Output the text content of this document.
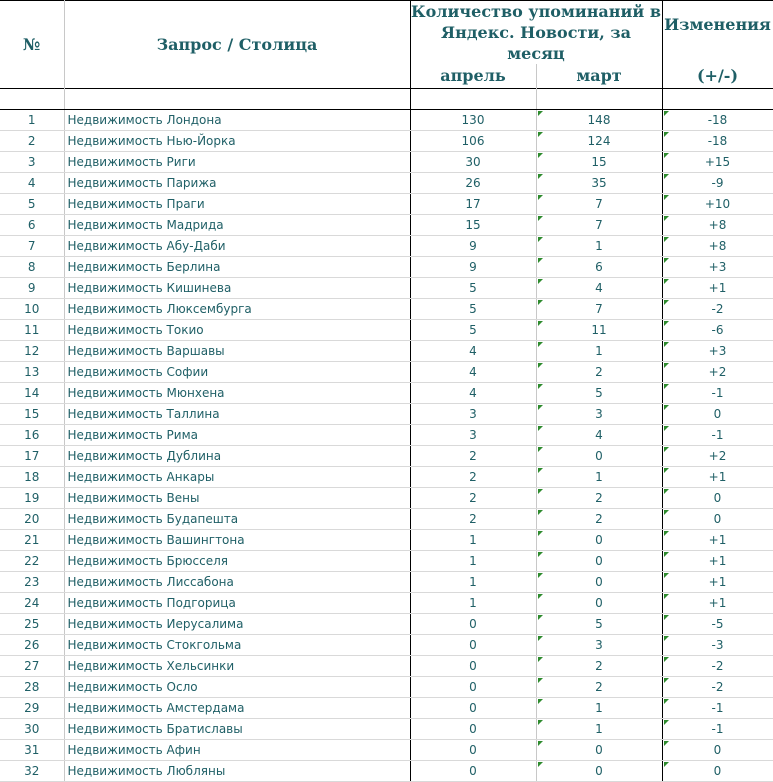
№	Запрос / Столица	Количество упоминаний в Яндекс. Новости, за месяц		Изменения
		апрель	март	(+/-)

1	Недвижимость Лондона	130	148	-18
2	Недвижимость Нью-Йорка	106	124	-18
3	Недвижимость Риги	30	15	+15
4	Недвижимость Парижа	26	35	-9
5	Недвижимость Праги	17	7	+10
6	Недвижимость Мадрида	15	7	+8
7	Недвижимость Абу-Даби	9	1	+8
8	Недвижимость Берлина	9	6	+3
9	Недвижимость Кишинева	5	4	+1
10	Недвижимость Люксембурга	5	7	-2
11	Недвижимость Токио	5	11	-6
12	Недвижимость Варшавы	4	1	+3
13	Недвижимость Софии	4	2	+2
14	Недвижимость Мюнхена	4	5	-1
15	Недвижимость Таллина	3	3	0
16	Недвижимость Рима	3	4	-1
17	Недвижимость Дублина	2	0	+2
18	Недвижимость Анкары	2	1	+1
19	Недвижимость Вены	2	2	0
20	Недвижимость Будапешта	2	2	0
21	Недвижимость Вашингтона	1	0	+1
22	Недвижимость Брюсселя	1	0	+1
23	Недвижимость Лиссабона	1	0	+1
24	Недвижимость Подгорица	1	0	+1
25	Недвижимость Иерусалима	0	5	-5
26	Недвижимость Стокгольма	0	3	-3
27	Недвижимость Хельсинки	0	2	-2
28	Недвижимость Осло	0	2	-2
29	Недвижимость Амстердама	0	1	-1
30	Недвижимость Братиславы	0	1	-1
31	Недвижимость Афин	0	0	0
32	Недвижимость Любляны	0	0	0
